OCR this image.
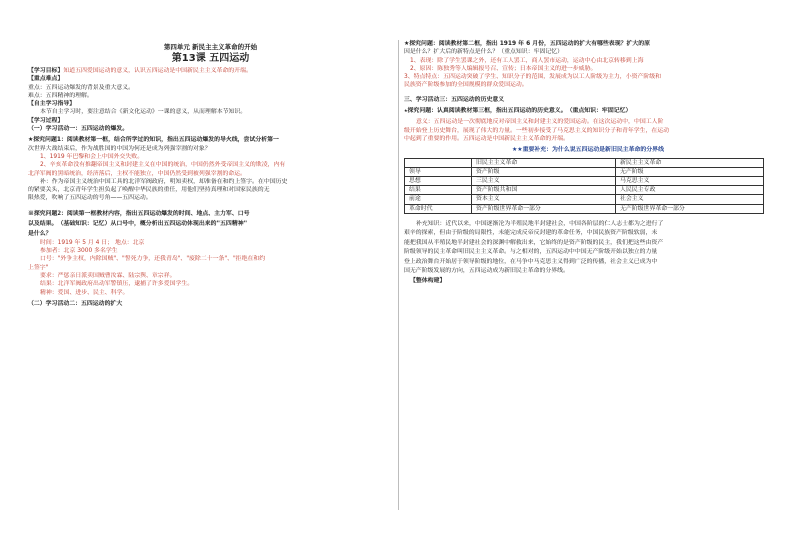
第四单元 新民主主义革命的开始

第13课 五四运动

【学习目标】知道五四爱国运动的意义，认识五四运动是中国新民主主义革命的开端。

【重点难点】

重点：五四运动爆发的背景及重大意义。

难点：五四精神的理解。

【自主学习指导】

本节自主学习时，要注意结合《新文化运动》一课的意义，从而理解本节知识。

【学习过程】

（一）学习活动一：五四运动的爆发。

★探究问题1：阅读教材第一框，结合所学过的知识，指出五四运动爆发的导火线，尝试分析第一

次世界大战结束后，作为战胜国的中国为何还是成为列强宰割的对象？

1、1919 年巴黎和会上中国外交失败。

2、辛亥革命没有推翻帝国主义和封建主义在中国的统治，中国仍然外受帝国主义的欺凌，内有

北洋军阀的黑暗统治，经济落后，主权不能独立，中国仍然受到被列强宰割的命运。

补：作为帝国主义统治中国工具的北洋军阀政府，明知卖权，却准备在和约上签字。在中国历史

的紧要关头，北京青年学生担负起了唤醒中华民族的重任，用他们坚持真理和对国家民族的无

限热爱，吹响了五四运动的号角——五四运动。

※探究问题2：阅读第一框教材内容，指出五四运动爆发的时间、地点、主力军、口号

以及结果。（基础知识：记忆）从口号中，概分析出五四运动体现出来的"五四精神"

是什么？

时间：1919 年 5 月 4 日； 地点：北京

参加者：北京 3000 多名学生

口号："外争主权，内除国贼"、"誓死力争，还我青岛"、"废除二十一条"、"拒绝在和约

上签字"

要求：严惩亲日派卖国贼曹汝霖、陆宗舆、章宗祥。

结果：北洋军阀政府出动军警镇压，逮捕了许多爱国学生。

精神：爱国、进步、民主、科学。

（二）学习活动二：五四运动的扩大

★探究问题：阅读教材第二框，指出 1919 年 6 月份，五四运动的扩大有哪些表现？扩大的原

因是什么？扩大后的新特点是什么？（重点知识：牢固记忆）

1、表现：除了学生罢课之外，还有工人罢工，商人罢市运动，运动中心由北京转移到上海

2、原因：陈独秀等人编辑报号召、宣传；日本帝国主义的进一步威胁。

3、特点特点：五四运动突破了学生、知识分子的范围，发展成为以工人阶级为主力，小资产阶级和

民族资产阶级参加的全国规模的群众爱国运动。

三、学习活动三：五四运动的历史意义

★探究问题：认真阅读教材第三框，指出五四运动的历史意义。（重点知识：牢固记忆）

意义：五四运动是一次彻底地反对帝国主义和封建主义的爱国运动。在这次运动中，中国工人阶

级开始登上历史舞台，展现了伟大的力量。一些初步接受了马克思主义的知识分子和青年学生，在运动

中起到了重要的作用。五四运动是中国新民主主义革命的开端。

★★重要补充：为什么说五四运动是新旧民主革命的分界线

	旧民主主义革命	新民主主义革命
领导	资产阶级	无产阶级
思想	三民主义	马克思主义
结果	资产阶级共和国	人民民主专政
前途	资本主义	社会主义
革命时代	资产阶级世界革命一部分	无产阶级世界革命一部分

补充知识：近代以来，中国逐渐沦为半殖民地半封建社会，中国各阶层的仁人志士都为之进行了

艰辛的探索，但由于阶级的局限性，未能完成反帝反封建的革命任务，中国民族资产阶级软弱，未

能把我国从半殖民地半封建社会的深渊中解救出来，它始终的是资产阶级的民主，我们把这些由资产

阶级领导的民主革命叫旧民主主义革命。与之相对的，五四运动中中国无产阶级开始以独立的力量

登上政治舞台开始居于领导阶级的地位，在马争中马克思主义得到广泛的传播，社会主义已成为中

国无产阶级发展的方向，五四运动成为新旧民主革命的分界线。

【整体构建】
